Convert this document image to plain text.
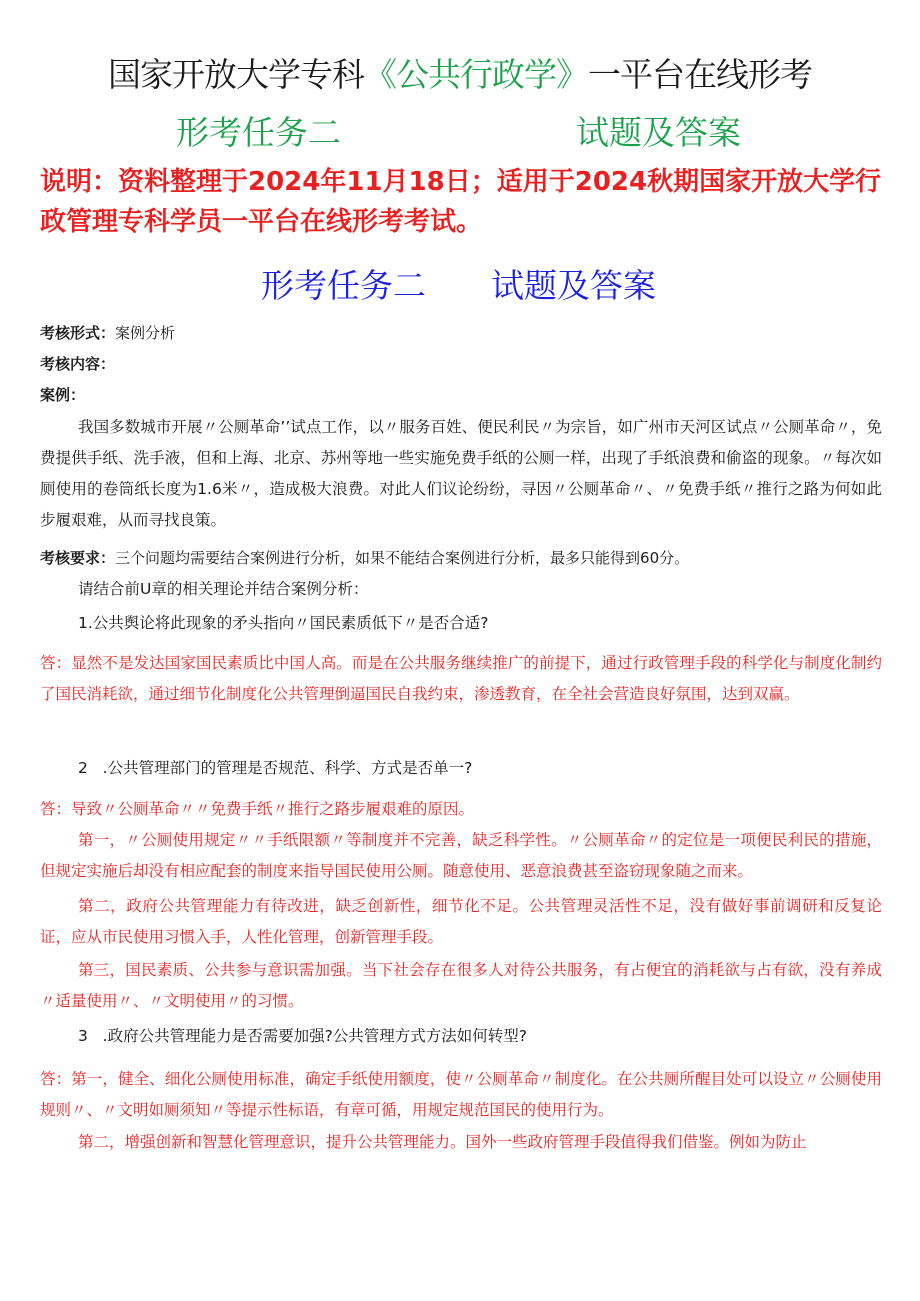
国家开放大学专科《公共行政学》一平台在线形考
形考任务二	试题及答案
说明：资料整理于2024年11月18日；适用于2024秋期国家开放大学行政管理专科学员一平台在线形考考试。
形考任务二 试题及答案
考核形式：案例分析
考核内容：
案例：
我国多数城市开展〃公厕革命’’试点工作，以〃服务百姓、便民利民〃为宗旨，如广州市天河区试点〃公厕革命〃，免费提供手纸、洗手液，但和上海、北京、苏州等地一些实施免费手纸的公厕一样，出现了手纸浪费和偷盗的现象。〃每次如厕使用的卷筒纸长度为1.6米〃，造成极大浪费。对此人们议论纷纷，寻因〃公厕革命〃、〃免费手纸〃推行之路为何如此步履艰难，从而寻找良策。
考核要求：三个问题均需要结合案例进行分析，如果不能结合案例进行分析，最多只能得到60分。
请结合前U章的相关理论并结合案例分析：
1.公共舆论将此现象的矛头指向〃国民素质低下〃是否合适?
答：显然不是发达国家国民素质比中国人高。而是在公共服务继续推广的前提下，通过行政管理手段的科学化与制度化制约了国民消耗欲，通过细节化制度化公共管理倒逼国民自我约束，渗透教育，在全社会营造良好氛围，达到双赢。
2   .公共管理部门的管理是否规范、科学、方式是否单一?
答：导致〃公厕革命〃〃免费手纸〃推行之路步履艰难的原因。
第一，〃公厕使用规定〃〃手纸限额〃等制度并不完善，缺乏科学性。〃公厕革命〃的定位是一项便民利民的措施，但规定实施后却没有相应配套的制度来指导国民使用公厕。随意使用、恶意浪费甚至盗窃现象随之而来。
第二，政府公共管理能力有待改进，缺乏创新性，细节化不足。公共管理灵活性不足，没有做好事前调研和反复论证，应从市民使用习惯入手，人性化管理，创新管理手段。
第三，国民素质、公共参与意识需加强。当下社会存在很多人对待公共服务，有占便宜的消耗欲与占有欲，没有养成〃适量使用〃、〃文明使用〃的习惯。
3   .政府公共管理能力是否需要加强?公共管理方式方法如何转型?
答：第一，健全、细化公厕使用标准，确定手纸使用额度，使〃公厕革命〃制度化。在公共厕所醒目处可以设立〃公厕使用规则〃、〃文明如厕须知〃等提示性标语，有章可循，用规定规范国民的使用行为。
第二，增强创新和智慧化管理意识，提升公共管理能力。国外一些政府管理手段值得我们借鉴。例如为防止
